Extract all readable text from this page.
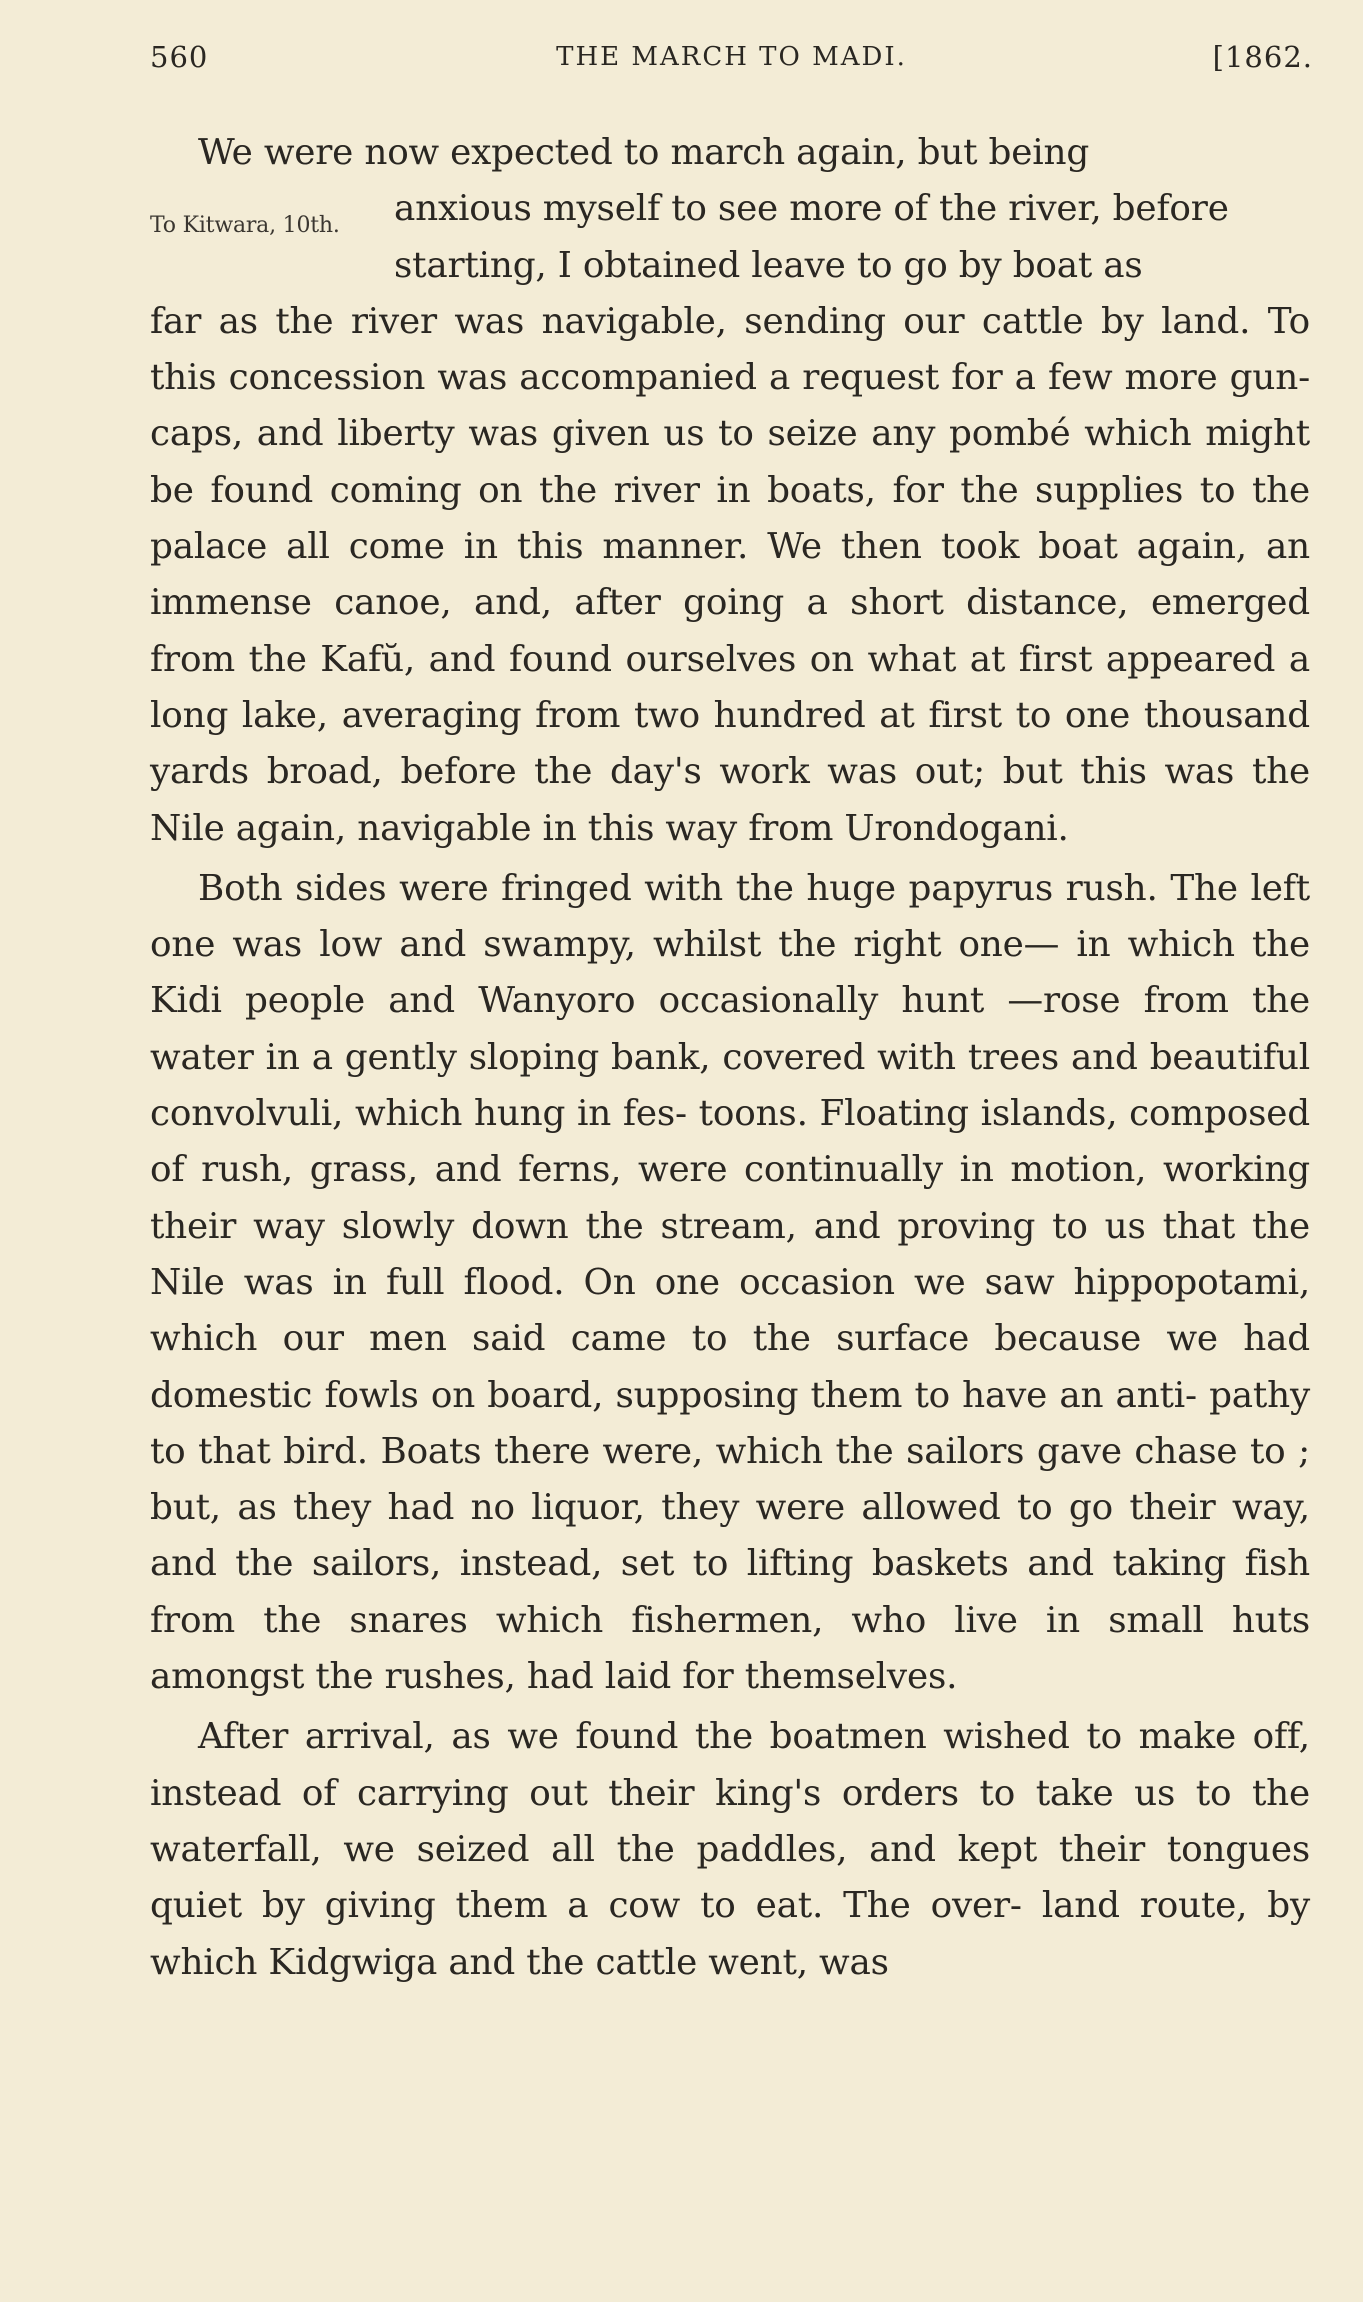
560	THE MARCH TO MADI.	[1862.
To Kitwara, 10th.
We were now expected to march again, but being
anxious myself to see more of the river, before
starting, I obtained leave to go by boat as

far as the river was navigable, sending our cattle by land. To this concession was accompanied a request for a few more gun-caps, and liberty was given us to seize any pombé which might be found coming on the river in boats, for the supplies to the palace all come in this manner. We then took boat again, an immense canoe, and, after going a short distance, emerged from the Kafŭ, and found ourselves on what at first appeared a long lake, averaging from two hundred at first to one thousand yards broad, before the day's work was out; but this was the Nile again, navigable in this way from Urondogani.

Both sides were fringed with the huge papyrus rush. The left one was low and swampy, whilst the right one— in which the Kidi people and Wanyoro occasionally hunt —rose from the water in a gently sloping bank, covered with trees and beautiful convolvuli, which hung in fes- toons. Floating islands, composed of rush, grass, and ferns, were continually in motion, working their way slowly down the stream, and proving to us that the Nile was in full flood. On one occasion we saw hippopotami, which our men said came to the surface because we had domestic fowls on board, supposing them to have an anti- pathy to that bird. Boats there were, which the sailors gave chase to ; but, as they had no liquor, they were allowed to go their way, and the sailors, instead, set to lifting baskets and taking fish from the snares which fishermen, who live in small huts amongst the rushes, had laid for themselves.

After arrival, as we found the boatmen wished to make off, instead of carrying out their king's orders to take us to the waterfall, we seized all the paddles, and kept their tongues quiet by giving them a cow to eat. The over- land route, by which Kidgwiga and the cattle went, was
